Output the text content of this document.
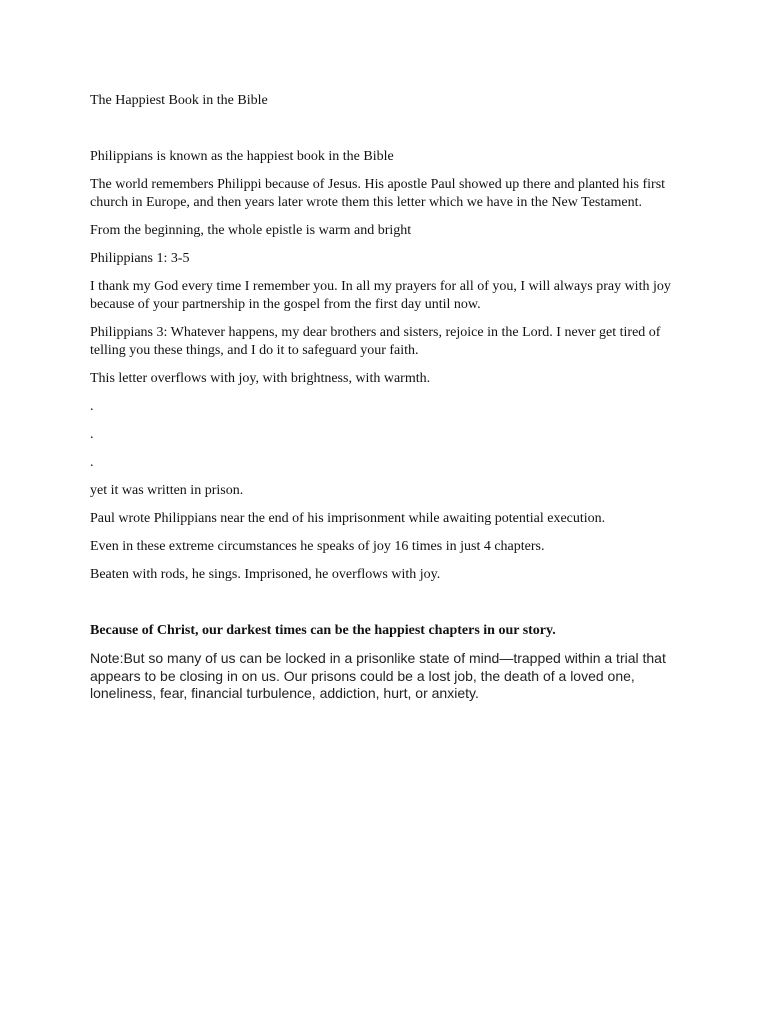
The Happiest Book in the Bible

Philippians is known as the happiest book in the Bible

The world remembers Philippi because of Jesus. His apostle Paul showed up there and planted his first church in Europe, and then years later wrote them this letter which we have in the New Testament.

From the beginning, the whole epistle is warm and bright

Philippians 1: 3-5

I thank my God every time I remember you. In all my prayers for all of you, I will always pray with joy because of your partnership in the gospel from the first day until now.

Philippians 3: Whatever happens, my dear brothers and sisters, rejoice in the Lord. I never get tired of telling you these things, and I do it to safeguard your faith.

This letter overflows with joy, with brightness, with warmth.

.

.

.

yet it was written in prison.

Paul wrote Philippians near the end of his imprisonment while awaiting potential execution.

Even in these extreme circumstances he speaks of joy 16 times in just 4 chapters.

Beaten with rods, he sings. Imprisoned, he overflows with joy.

Because of Christ, our darkest times can be the happiest chapters in our story.

Note:But so many of us can be locked in a prisonlike state of mind—trapped within a trial that appears to be closing in on us. Our prisons could be a lost job, the death of a loved one, loneliness, fear, financial turbulence, addiction, hurt, or anxiety.
